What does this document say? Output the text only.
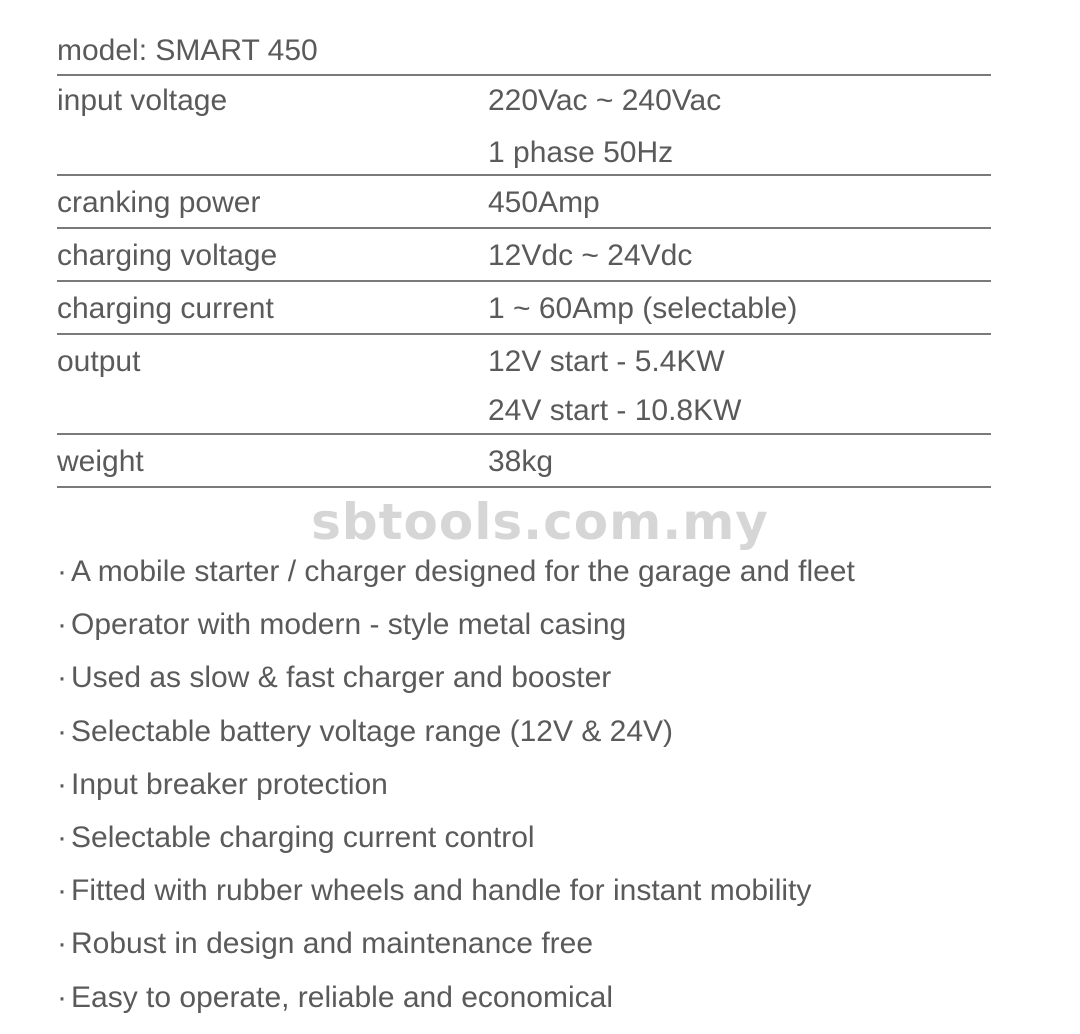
model: SMART 450
input voltage	220Vac ~ 240Vac
1 phase 50Hz
cranking power	450Amp
charging voltage	12Vdc ~ 24Vdc
charging current	1 ~ 60Amp (selectable)
output	12V start - 5.4KW
24V start - 10.8KW
weight	38kg
sbtools.com.my
· A mobile starter / charger designed for the garage and fleet
· Operator with modern - style metal casing
· Used as slow & fast charger and booster
· Selectable battery voltage range (12V & 24V)
· Input breaker protection
· Selectable charging current control
· Fitted with rubber wheels and handle for instant mobility
· Robust in design and maintenance free
· Easy to operate, reliable and economical
